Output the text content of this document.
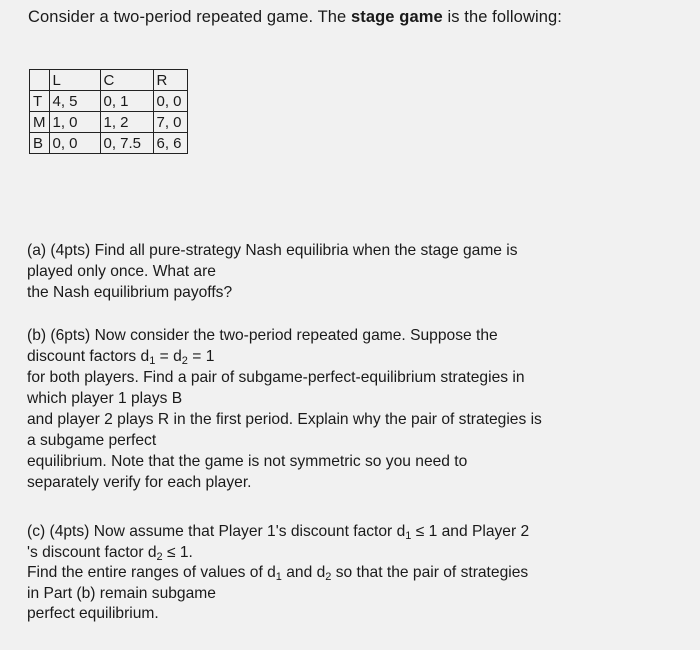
Consider a two-period repeated game. The stage game is the following:
	L	C	R
T	4, 5	0, 1	0, 0
M	1, 0	1, 2	7, 0
B	0, 0	0, 7.5	6, 6
(a) (4pts) Find all pure-strategy Nash equilibria when the stage game is
played only once. What are
the Nash equilibrium payoffs?
(b) (6pts) Now consider the two-period repeated game. Suppose the
discount factors $d_1 = d_2 = 1$
for both players. Find a pair of subgame-perfect-equilibrium strategies in
which player 1 plays B
and player 2 plays R in the first period. Explain why the pair of strategies is
a subgame perfect
equilibrium. Note that the game is not symmetric so you need to
separately verify for each player.
(c) (4pts) Now assume that Player 1's discount factor $d_1 \le 1$ and Player 2
's discount factor $d_2 \le 1$.
Find the entire ranges of values of $d_1$ and $d_2$ so that the pair of strategies
in Part (b) remain subgame
perfect equilibrium.
